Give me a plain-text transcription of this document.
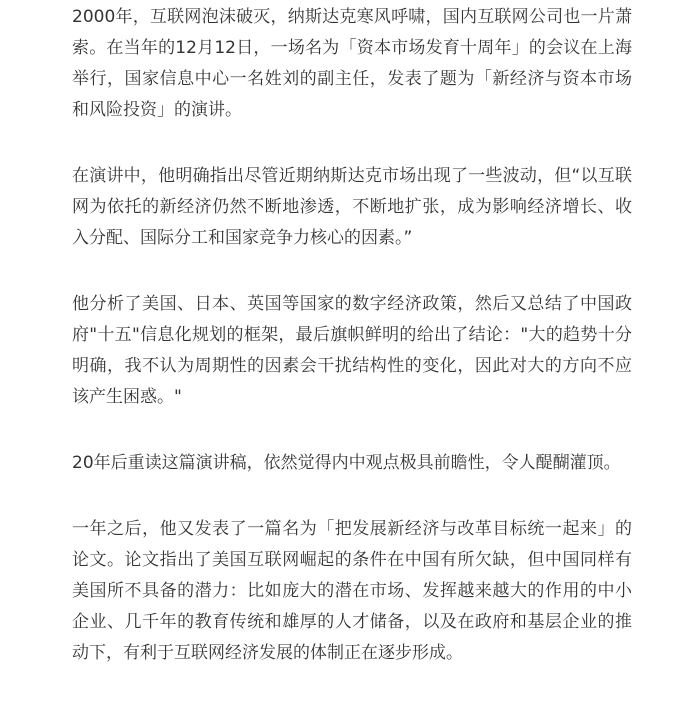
2000年，互联网泡沫破灭，纳斯达克寒风呼啸，国内互联网公司也一片萧索。在当年的12月12日，一场名为「资本市场发育十周年」的会议在上海举行，国家信息中心一名姓刘的副主任，发表了题为「新经济与资本市场和风险投资」的演讲。

在演讲中，他明确指出尽管近期纳斯达克市场出现了一些波动，但“以互联网为依托的新经济仍然不断地渗透，不断地扩张，成为影响经济增长、收入分配、国际分工和国家竞争力核心的因素。”

他分析了美国、日本、英国等国家的数字经济政策，然后又总结了中国政府"十五"信息化规划的框架，最后旗帜鲜明的给出了结论："大的趋势十分明确，我不认为周期性的因素会干扰结构性的变化，因此对大的方向不应该产生困惑。"

20年后重读这篇演讲稿，依然觉得内中观点极具前瞻性，令人醍醐灌顶。

一年之后，他又发表了一篇名为「把发展新经济与改革目标统一起来」的论文。论文指出了美国互联网崛起的条件在中国有所欠缺，但中国同样有美国所不具备的潜力：比如庞大的潜在市场、发挥越来越大的作用的中小企业、几千年的教育传统和雄厚的人才储备，以及在政府和基层企业的推动下，有利于互联网经济发展的体制正在逐步形成。
